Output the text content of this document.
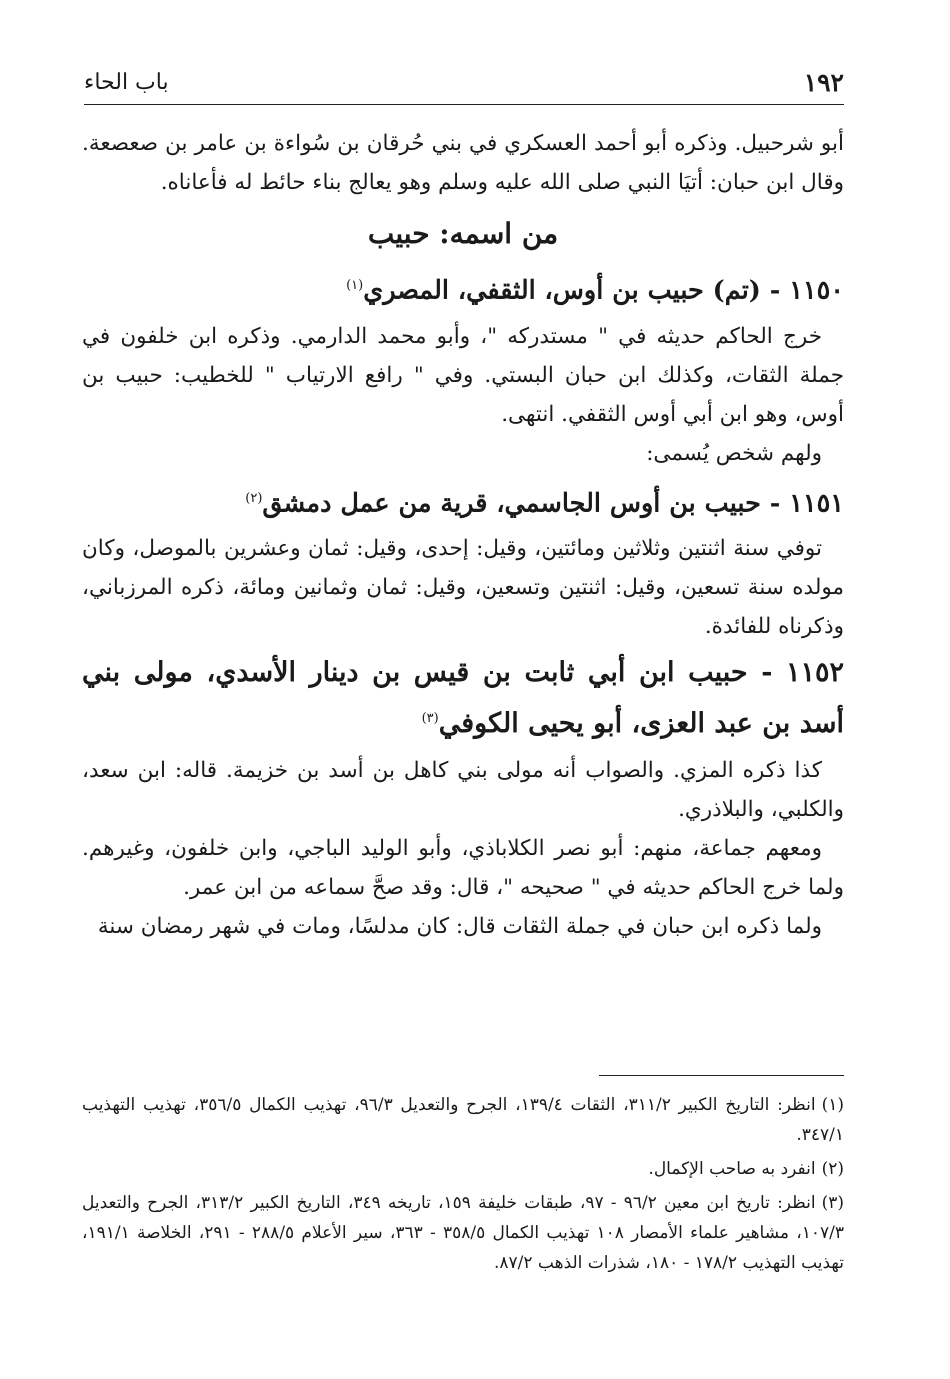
١٩٢
باب الحاء

أبو شرحبيل. وذكره أبو أحمد العسكري في بني حُرقان بن سُواءة بن عامر بن صعصعة. وقال ابن حبان: أتيَا النبي صلى الله عليه وسلم وهو يعالج بناء حائط له فأعاناه.

من اسمه: حبيب

١١٥٠ - (تم) حبيب بن أوس، الثقفي، المصري$^{(١)}$

خرج الحاكم حديثه في " مستدركه "، وأبو محمد الدارمي. وذكره ابن خلفون في جملة الثقات، وكذلك ابن حبان البستي. وفي " رافع الارتياب " للخطيب: حبيب بن أوس، وهو ابن أبي أوس الثقفي. انتهى.

ولهم شخص يُسمى:

١١٥١ - حبيب بن أوس الجاسمي، قرية من عمل دمشق$^{(٢)}$

توفي سنة اثنتين وثلاثين ومائتين، وقيل: إحدى، وقيل: ثمان وعشرين بالموصل، وكان مولده سنة تسعين، وقيل: اثنتين وتسعين، وقيل: ثمان وثمانين ومائة، ذكره المرزباني، وذكرناه للفائدة.

١١٥٢ - حبيب ابن أبي ثابت بن قيس بن دينار الأسدي، مولى بني أسد بن عبد العزى، أبو يحيى الكوفي$^{(٣)}$

كذا ذكره المزي. والصواب أنه مولى بني كاهل بن أسد بن خزيمة. قاله: ابن سعد، والكلبي، والبلاذري.

ومعهم جماعة، منهم: أبو نصر الكلاباذي، وأبو الوليد الباجي، وابن خلفون، وغيرهم. ولما خرج الحاكم حديثه في " صحيحه "، قال: وقد صحَّ سماعه من ابن عمر.

ولما ذكره ابن حبان في جملة الثقات قال: كان مدلسًا، ومات في شهر رمضان سنة

(١)انظر: التاريخ الكبير ٣١١/٢، الثقات ١٣٩/٤، الجرح والتعديل ٩٦/٣، تهذيب الكمال ٣٥٦/٥، تهذيب التهذيب ٣٤٧/١.

(٢)انفرد به صاحب الإكمال.

(٣)انظر: تاريخ ابن معين ٩٦/٢ - ٩٧، طبقات خليفة ١٥٩، تاريخه ٣٤٩، التاريخ الكبير ٣١٣/٢، الجرح والتعديل ١٠٧/٣، مشاهير علماء الأمصار ١٠٨ تهذيب الكمال ٣٥٨/٥ - ٣٦٣، سير الأعلام ٢٨٨/٥ - ٢٩١، الخلاصة ١٩١/١، تهذيب التهذيب ١٧٨/٢ - ١٨٠، شذرات الذهب ٨٧/٢.
